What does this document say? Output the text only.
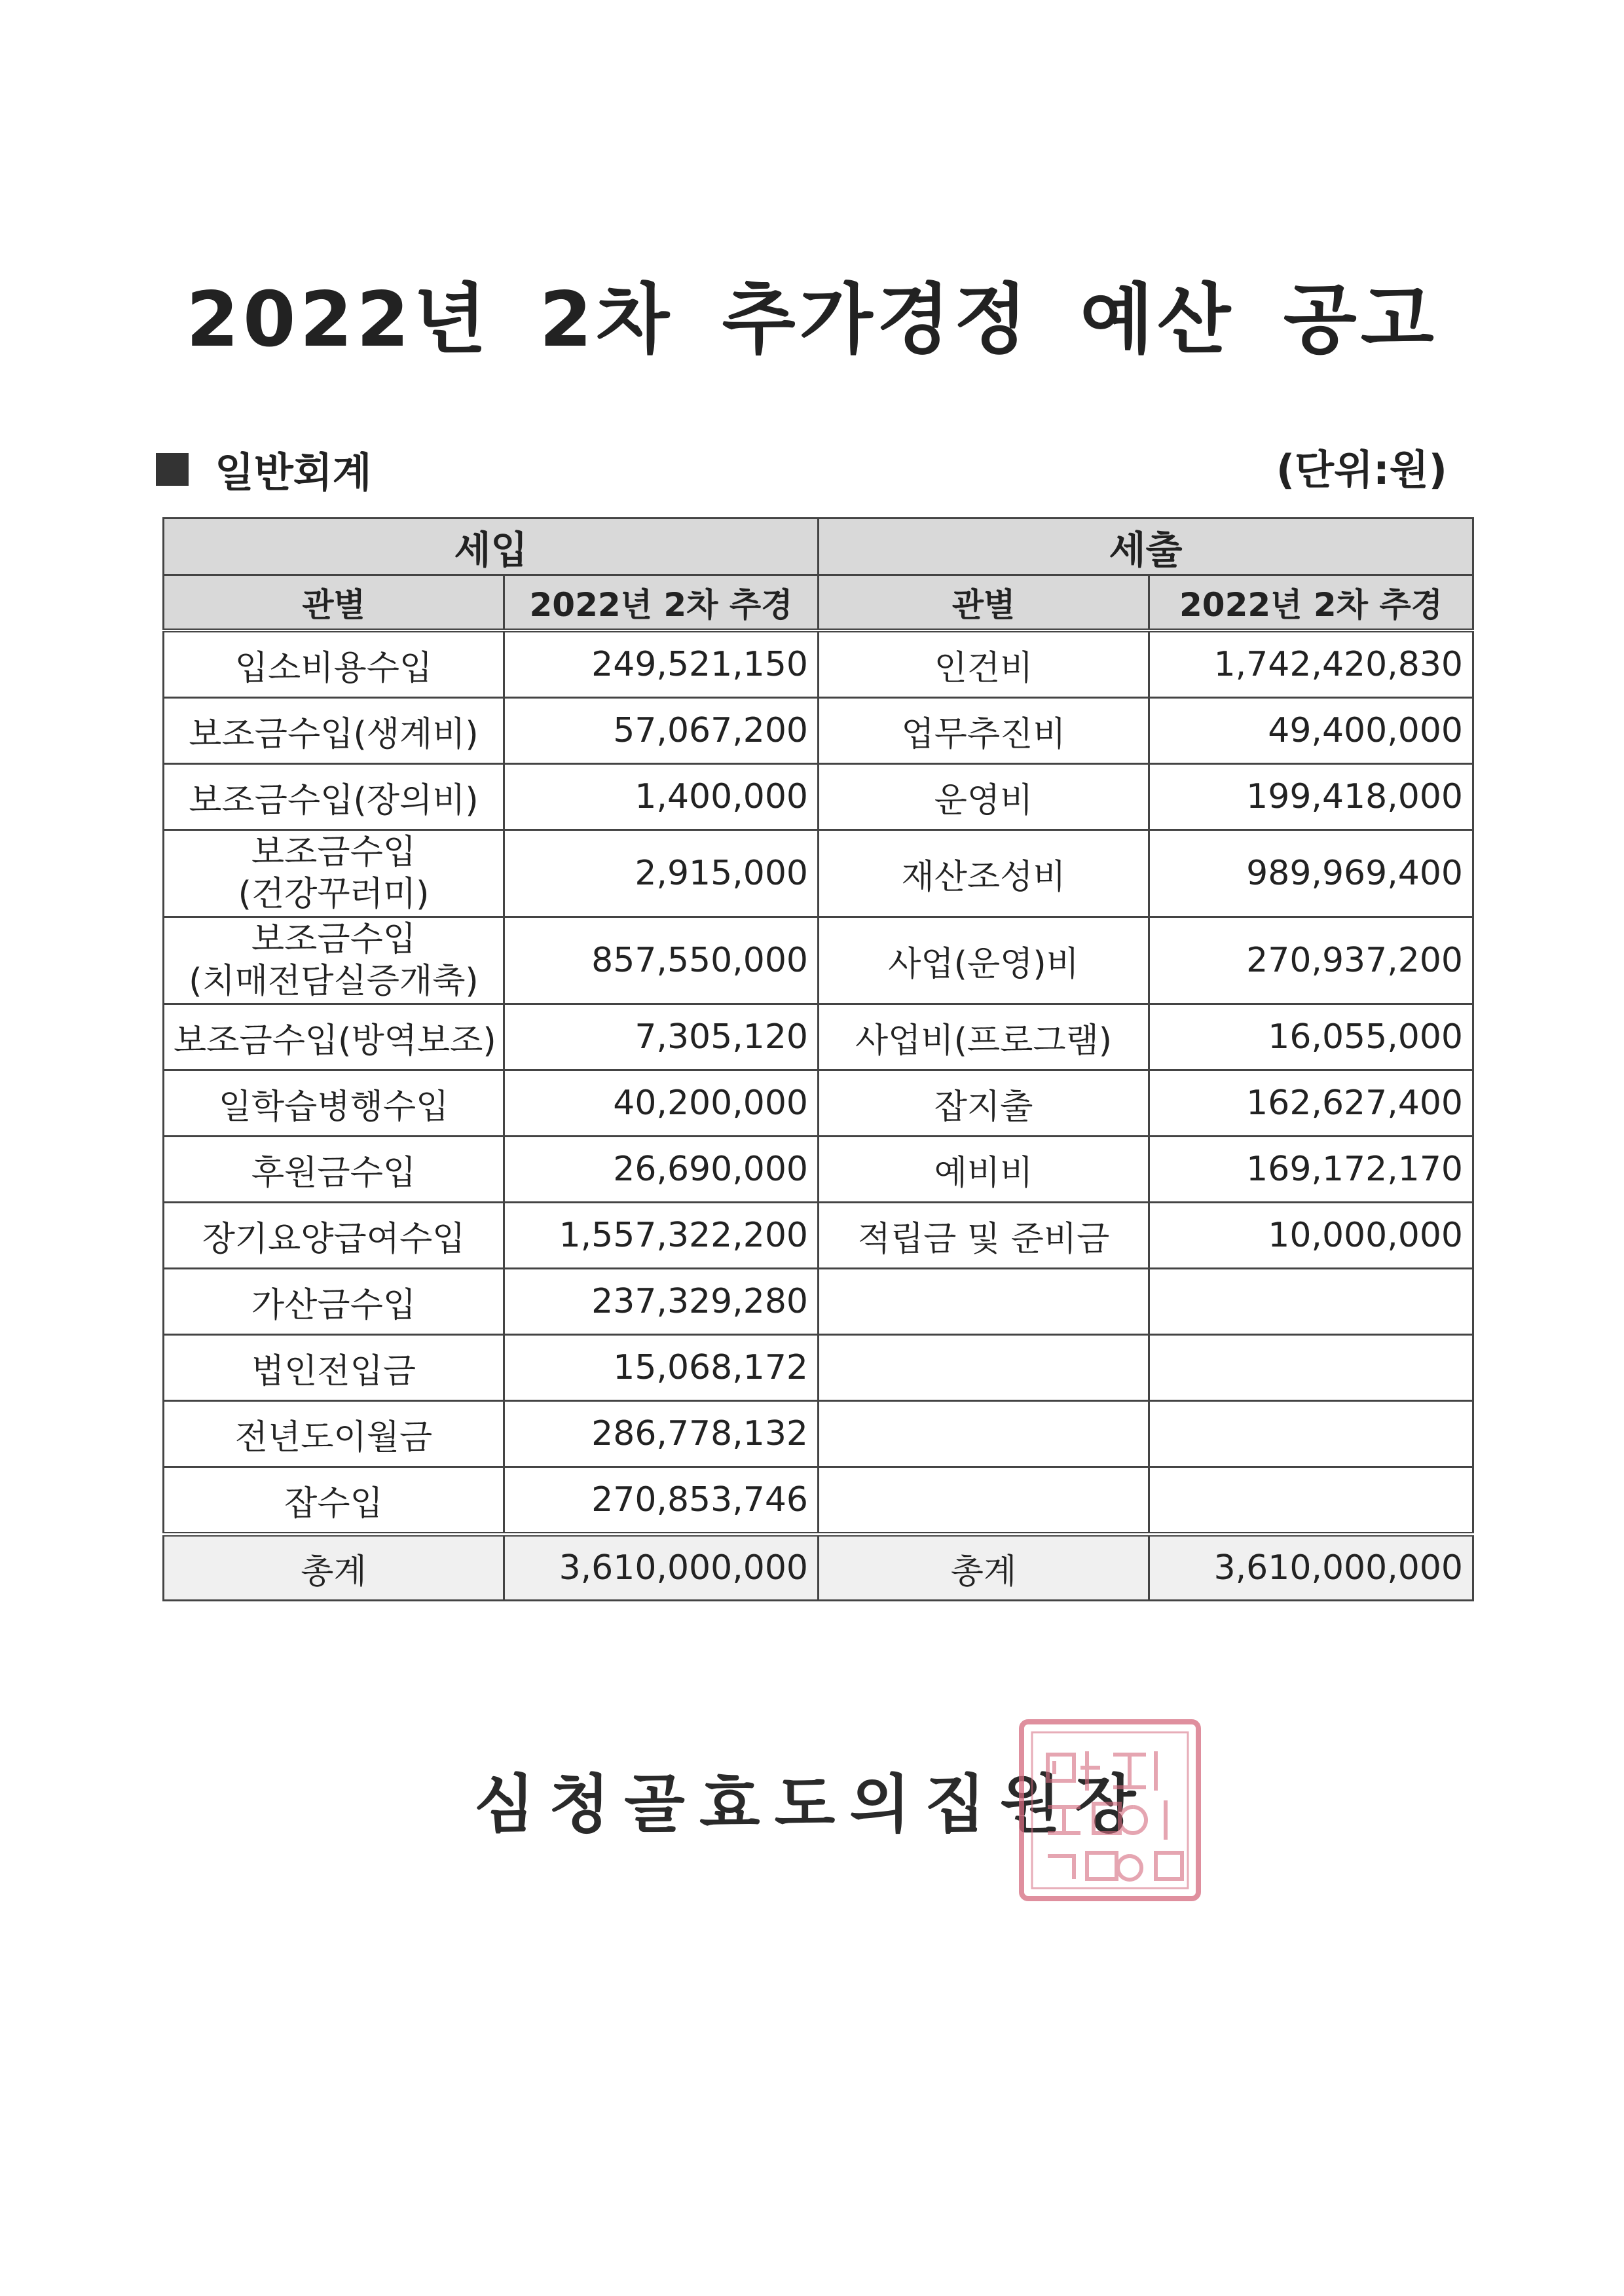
2022년 2차 추가경정 예산 공고
일반회계	(단위:원)
세입		세출	
관별	2022년 2차 추경	관별	2022년 2차 추경
입소비용수입	249,521,150	인건비	1,742,420,830
보조금수입(생계비)	57,067,200	업무추진비	49,400,000
보조금수입(장의비)	1,400,000	운영비	199,418,000
보조금수입
(건강꾸러미)	2,915,000	재산조성비	989,969,400
보조금수입
(치매전담실증개축)	857,550,000	사업(운영)비	270,937,200
보조금수입(방역보조)	7,305,120	사업비(프로그램)	16,055,000
일학습병행수입	40,200,000	잡지출	162,627,400
후원금수입	26,690,000	예비비	169,172,170
장기요양급여수입	1,557,322,200	적립금 및 준비금	10,000,000
가산금수입	237,329,280		
법인전입금	15,068,172		
전년도이월금	286,778,132		
잡수입	270,853,746		
총계	3,610,000,000	총계	3,610,000,000
심청골효도의집원장
